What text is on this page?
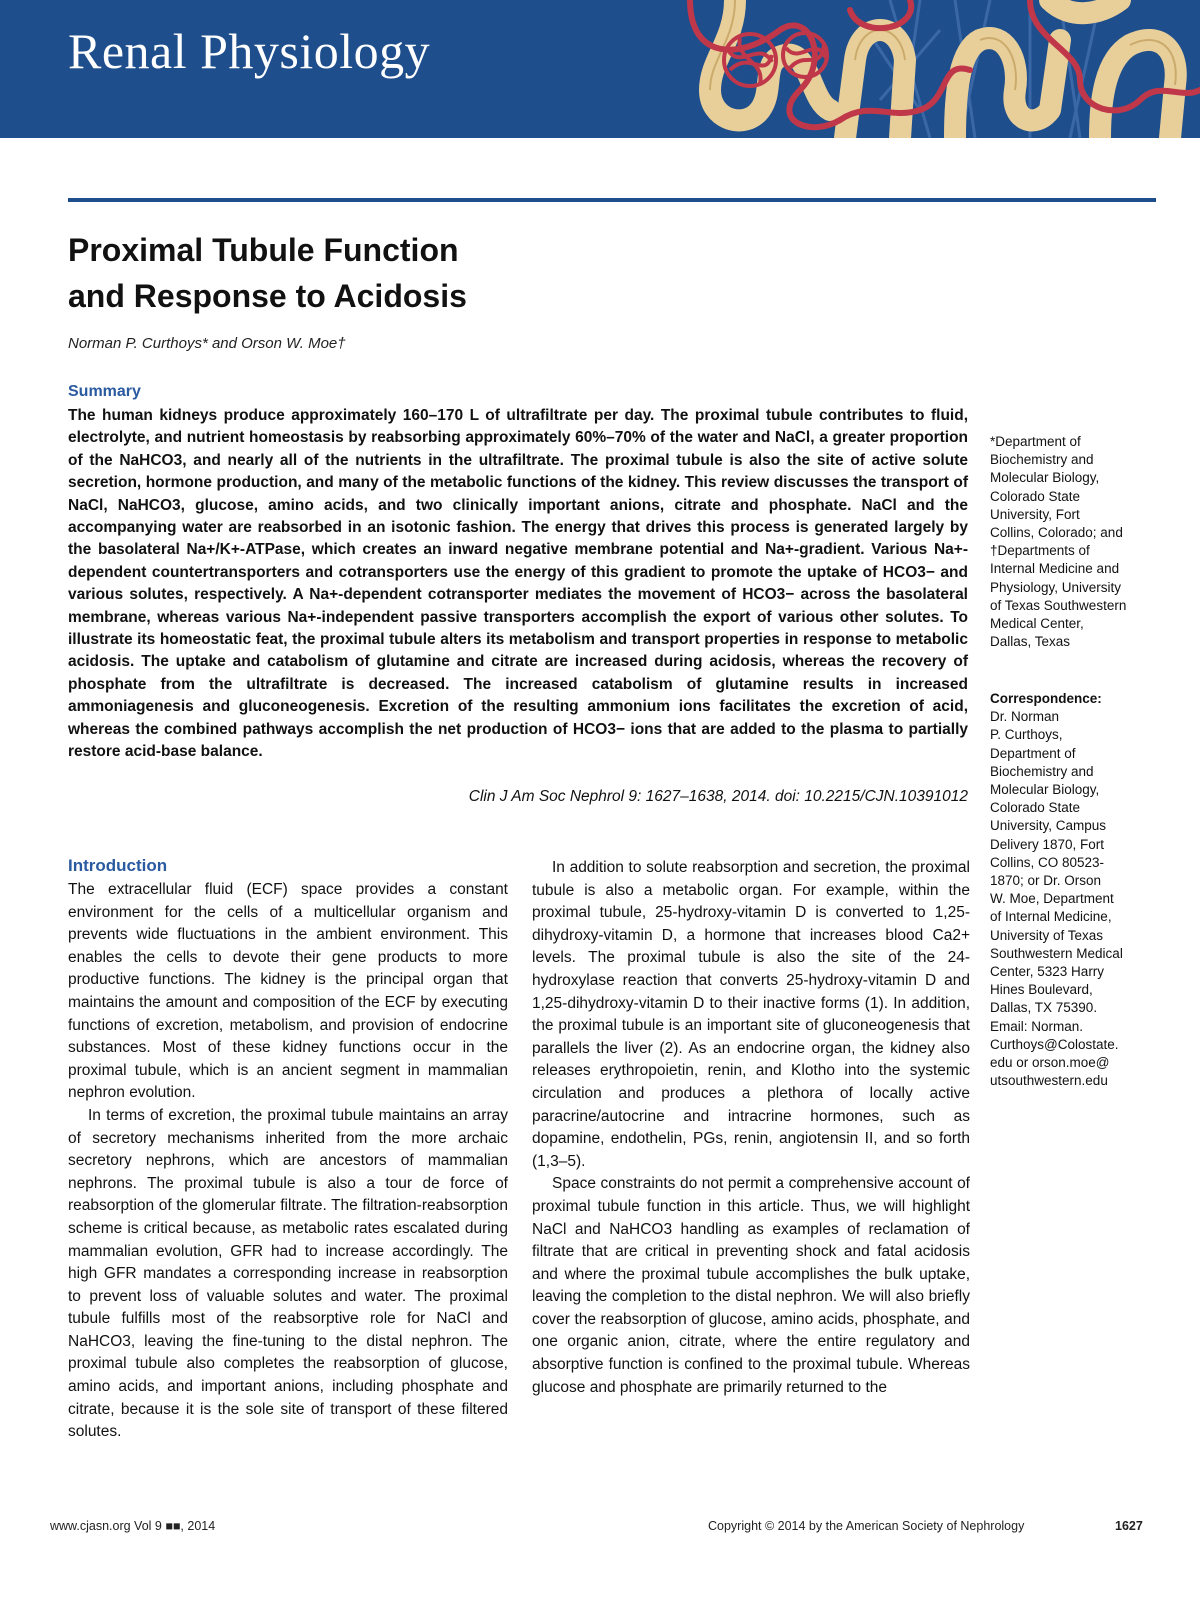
Renal Physiology
Proximal Tubule Function
and Response to Acidosis
Norman P. Curthoys* and Orson W. Moe†
Summary

The human kidneys produce approximately 160–170 L of ultrafiltrate per day. The proximal tubule contributes to fluid, electrolyte, and nutrient homeostasis by reabsorbing approximately 60%–70% of the water and NaCl, a greater proportion of the NaHCO3, and nearly all of the nutrients in the ultrafiltrate. The proximal tubule is also the site of active solute secretion, hormone production, and many of the metabolic functions of the kidney. This review discusses the transport of NaCl, NaHCO3, glucose, amino acids, and two clinically important anions, citrate and phosphate. NaCl and the accompanying water are reabsorbed in an isotonic fashion. The energy that drives this process is generated largely by the basolateral Na+/K+-ATPase, which creates an inward negative membrane potential and Na+-gradient. Various Na+-dependent countertransporters and cotransporters use the energy of this gradient to promote the uptake of HCO3− and various solutes, respectively. A Na+-dependent cotransporter mediates the movement of HCO3− across the basolateral membrane, whereas various Na+-independent passive transporters accomplish the export of various other solutes. To illustrate its homeostatic feat, the proximal tubule alters its metabolism and transport properties in response to metabolic acidosis. The uptake and catabolism of glutamine and citrate are increased during acidosis, whereas the recovery of phosphate from the ultrafiltrate is decreased. The increased catabolism of glutamine results in increased ammoniagenesis and gluconeogenesis. Excretion of the resulting ammonium ions facilitates the excretion of acid, whereas the combined pathways accomplish the net production of HCO3− ions that are added to the plasma to partially restore acid-base balance.

Clin J Am Soc Nephrol 9: 1627–1638, 2014. doi: 10.2215/CJN.10391012
*Department of
Biochemistry and
Molecular Biology,
Colorado State
University, Fort
Collins, Colorado; and
†Departments of
Internal Medicine and
Physiology, University
of Texas Southwestern
Medical Center,
Dallas, Texas
Correspondence:
Dr. Norman
P. Curthoys,
Department of
Biochemistry and
Molecular Biology,
Colorado State
University, Campus
Delivery 1870, Fort
Collins, CO 80523-
1870; or Dr. Orson
W. Moe, Department
of Internal Medicine,
University of Texas
Southwestern Medical
Center, 5323 Harry
Hines Boulevard,
Dallas, TX 75390.
Email: Norman.
Curthoys@Colostate.
edu or orson.moe@
utsouthwestern.edu
Introduction

The extracellular fluid (ECF) space provides a constant environment for the cells of a multicellular organism and prevents wide fluctuations in the ambient environment. This enables the cells to devote their gene products to more productive functions. The kidney is the principal organ that maintains the amount and composition of the ECF by executing functions of excretion, metabolism, and provision of endocrine substances. Most of these kidney functions occur in the proximal tubule, which is an ancient segment in mammalian nephron evolution.

In terms of excretion, the proximal tubule maintains an array of secretory mechanisms inherited from the more archaic secretory nephrons, which are ancestors of mammalian nephrons. The proximal tubule is also a tour de force of reabsorption of the glomerular filtrate. The filtration-reabsorption scheme is critical because, as metabolic rates escalated during mammalian evolution, GFR had to increase accordingly. The high GFR mandates a corresponding increase in reabsorption to prevent loss of valuable solutes and water. The proximal tubule fulfills most of the reabsorptive role for NaCl and NaHCO3, leaving the fine-tuning to the distal nephron. The proximal tubule also completes the reabsorption of glucose, amino acids, and important anions, including phosphate and citrate, because it is the sole site of transport of these filtered solutes.

In addition to solute reabsorption and secretion, the proximal tubule is also a metabolic organ. For example, within the proximal tubule, 25-hydroxy-vitamin D is converted to 1,25-dihydroxy-vitamin D, a hormone that increases blood Ca2+ levels. The proximal tubule is also the site of the 24-hydroxylase reaction that converts 25-hydroxy-vitamin D and 1,25-dihydroxy-vitamin D to their inactive forms (1). In addition, the proximal tubule is an important site of gluconeogenesis that parallels the liver (2). As an endocrine organ, the kidney also releases erythropoietin, renin, and Klotho into the systemic circulation and produces a plethora of locally active paracrine/autocrine and intracrine hormones, such as dopamine, endothelin, PGs, renin, angiotensin II, and so forth (1,3–5).

Space constraints do not permit a comprehensive account of proximal tubule function in this article. Thus, we will highlight NaCl and NaHCO3 handling as examples of reclamation of filtrate that are critical in preventing shock and fatal acidosis and where the proximal tubule accomplishes the bulk uptake, leaving the completion to the distal nephron. We will also briefly cover the reabsorption of glucose, amino acids, phosphate, and one organic anion, citrate, where the entire regulatory and absorptive function is confined to the proximal tubule. Whereas glucose and phosphate are primarily returned to the

www.cjasn.org Vol 9 ■■, 2014	Copyright © 2014 by the American Society of Nephrology	1627
